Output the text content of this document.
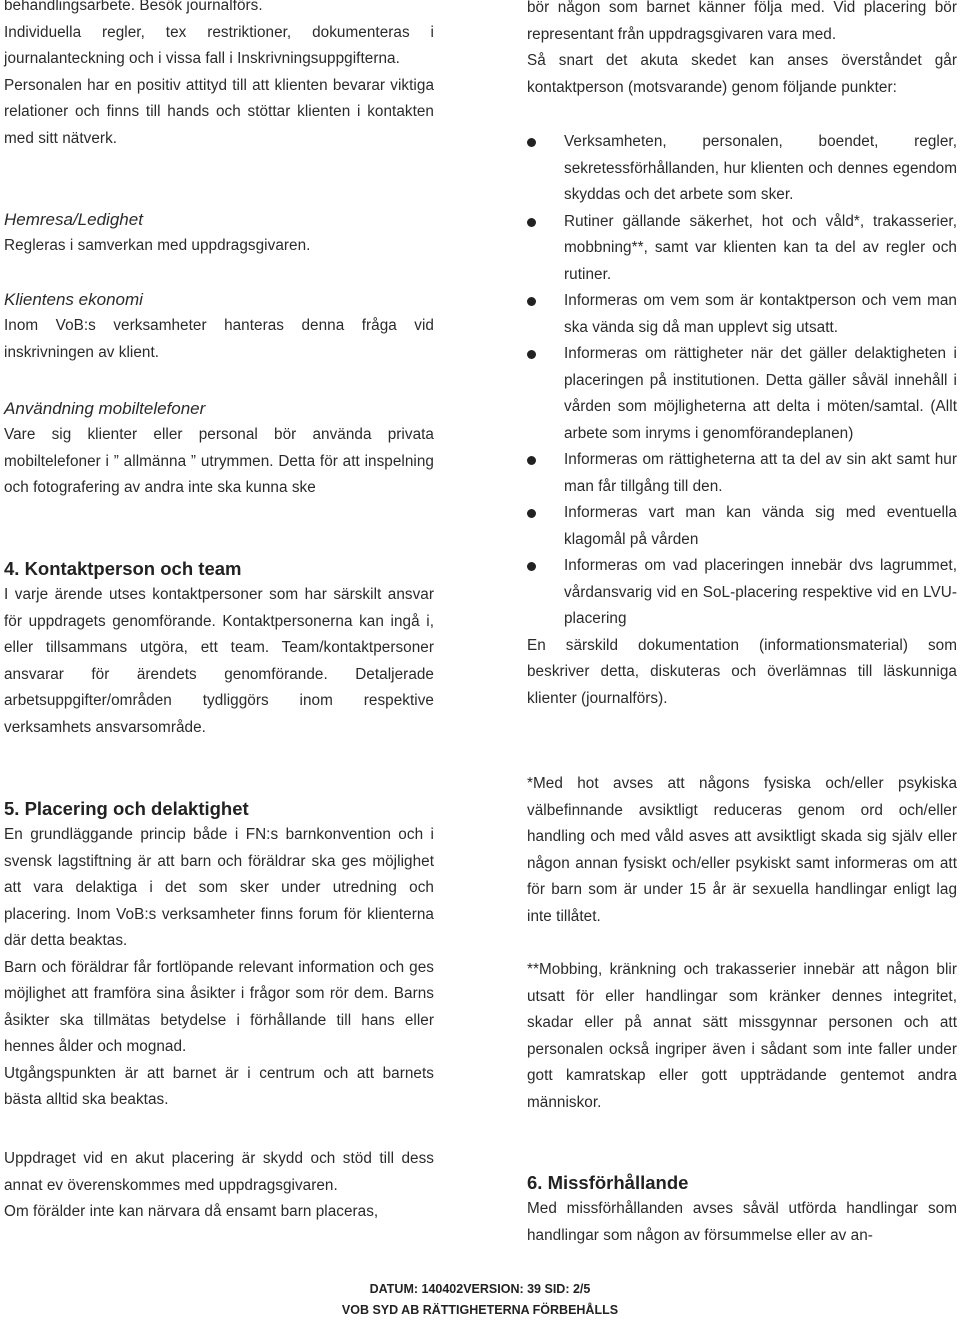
behandlingsarbete. Besök journalförs.

Individuella regler, tex restriktioner, dokumenteras i journalanteckning och i vissa fall i Inskrivningsuppgifterna.

Personalen har en positiv attityd till att klienten bevarar viktiga relationer och finns till hands och stöttar klienten i kontakten med sitt nätverk.

Hemresa/Ledighet

Regleras i samverkan med uppdragsgivaren.

Klientens ekonomi

Inom VoB:s verksamheter hanteras denna fråga vid inskrivningen av klient.

Användning mobiltelefoner

Vare sig klienter eller personal bör använda privata mobiltelefoner i ” allmänna ” utrymmen. Detta för att inspelning och fotografering av andra inte ska kunna ske

4. Kontaktperson och team

I varje ärende utses kontaktpersoner som har särskilt ansvar för uppdragets genomförande. Kontaktpersonerna kan ingå i, eller tillsammans utgöra, ett team. Team/kontaktpersoner ansvarar för ärendets genomförande. Detaljerade arbetsuppgifter/områden tydliggörs inom respektive verksamhets ansvarsområde.

5. Placering och delaktighet

En grundläggande princip både i FN:s barnkonvention och i svensk lagstiftning är att barn och föräldrar ska ges möjlighet att vara delaktiga i det som sker under utredning och placering. Inom VoB:s verksamheter finns forum för klienterna där detta beaktas.

Barn och föräldrar får fortlöpande relevant information och ges möjlighet att framföra sina åsikter i frågor som rör dem. Barns åsikter ska tillmätas betydelse i förhållande till hans eller hennes ålder och mognad.

Utgångspunkten är att barnet är i centrum och att barnets bästa alltid ska beaktas.

Uppdraget vid en akut placering är skydd och stöd till dess annat ev överenskommes med uppdragsgivaren.

Om förälder inte kan närvara då ensamt barn placeras,

bör någon som barnet känner följa med. Vid placering bör representant från uppdragsgivaren vara med.

Så snart det akuta skedet kan anses överståndet går kontaktperson (motsvarande) genom följande punkter:

Verksamheten, personalen, boendet, regler, sekretessförhållanden, hur klienten och dennes egendom skyddas och det arbete som sker.
Rutiner gällande säkerhet, hot och våld*, trakasserier, mobbning**, samt var klienten kan ta del av regler och rutiner.
Informeras om vem som är kontaktperson och vem man ska vända sig då man upplevt sig utsatt.
Informeras om rättigheter när det gäller delaktigheten i placeringen på institutionen. Detta gäller såväl innehåll i vården som möjligheterna att delta i möten/samtal. (Allt arbete som inryms i genomförandeplanen)
Informeras om rättigheterna att ta del av sin akt samt hur man får tillgång till den.
Informeras vart man kan vända sig med eventuella klagomål på vården
Informeras om vad placeringen innebär dvs lagrummet, vårdansvarig vid en SoL-placering respektive vid en LVU-placering

En särskild dokumentation (informationsmaterial) som beskriver detta, diskuteras och överlämnas till läskunniga klienter (journalförs).

*Med hot avses att någons fysiska och/eller psykiska välbefinnande avsiktligt reduceras genom ord och/eller handling och med våld asves att avsiktligt skada sig själv eller någon annan fysiskt och/eller psykiskt samt informeras om att för barn som är under 15 år är sexuella handlingar enligt lag inte tillåtet.

**Mobbing, kränkning och trakasserier innebär att någon blir utsatt för eller handlingar som kränker dennes integritet, skadar eller på annat sätt missgynnar personen och att personalen också ingriper även i sådant som inte faller under gott kamratskap eller gott uppträdande gentemot andra människor.

6. Missförhållande

Med missförhållanden avses såväl utförda handlingar som handlingar som någon av försummelse eller av an-

DATUM: 140402VERSION: 39 SID: 2/5
VOB SYD AB RÄTTIGHETERNA FÖRBEHÅLLS
